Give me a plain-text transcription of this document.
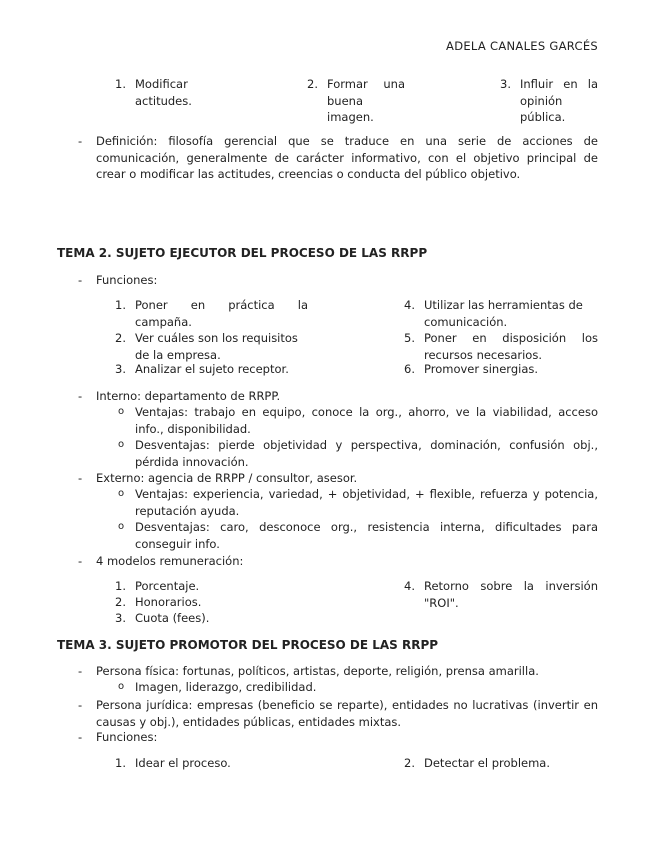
ADELA CANALES GARCÉS
1. Modificar
actitudes.
2. Formar una
buena
imagen.
3. Influir en la
opinión
pública.
- Definición: filosofía gerencial que se traduce en una serie de acciones de comunicación, generalmente de carácter informativo, con el objetivo principal de crear o modificar las actitudes, creencias o conducta del público objetivo.
TEMA 2. SUJETO EJECUTOR DEL PROCESO DE LAS RRPP
- Funciones:
1. Poner en práctica la campaña.
2. Ver cuáles son los requisitos de la empresa.
3. Analizar el sujeto receptor.
4. Utilizar las herramientas de comunicación.
5. Poner en disposición los recursos necesarios.
6. Promover sinergias.
- Interno: departamento de RRPP.
o Ventajas: trabajo en equipo, conoce la org., ahorro, ve la viabilidad, acceso info., disponibilidad.
o Desventajas: pierde objetividad y perspectiva, dominación, confusión obj., pérdida innovación.
- Externo: agencia de RRPP / consultor, asesor.
o Ventajas: experiencia, variedad, + objetividad, + flexible, refuerza y potencia, reputación ayuda.
o Desventajas: caro, desconoce org., resistencia interna, dificultades para conseguir info.
- 4 modelos remuneración:
1. Porcentaje.
2. Honorarios.
3. Cuota (fees).
4. Retorno sobre la inversión "ROI".
TEMA 3. SUJETO PROMOTOR DEL PROCESO DE LAS RRPP
- Persona física: fortunas, políticos, artistas, deporte, religión, prensa amarilla.
o Imagen, liderazgo, credibilidad.
- Persona jurídica: empresas (beneficio se reparte), entidades no lucrativas (invertir en causas y obj.), entidades públicas, entidades mixtas.
- Funciones:
1. Idear el proceso.	2. Detectar el problema.
